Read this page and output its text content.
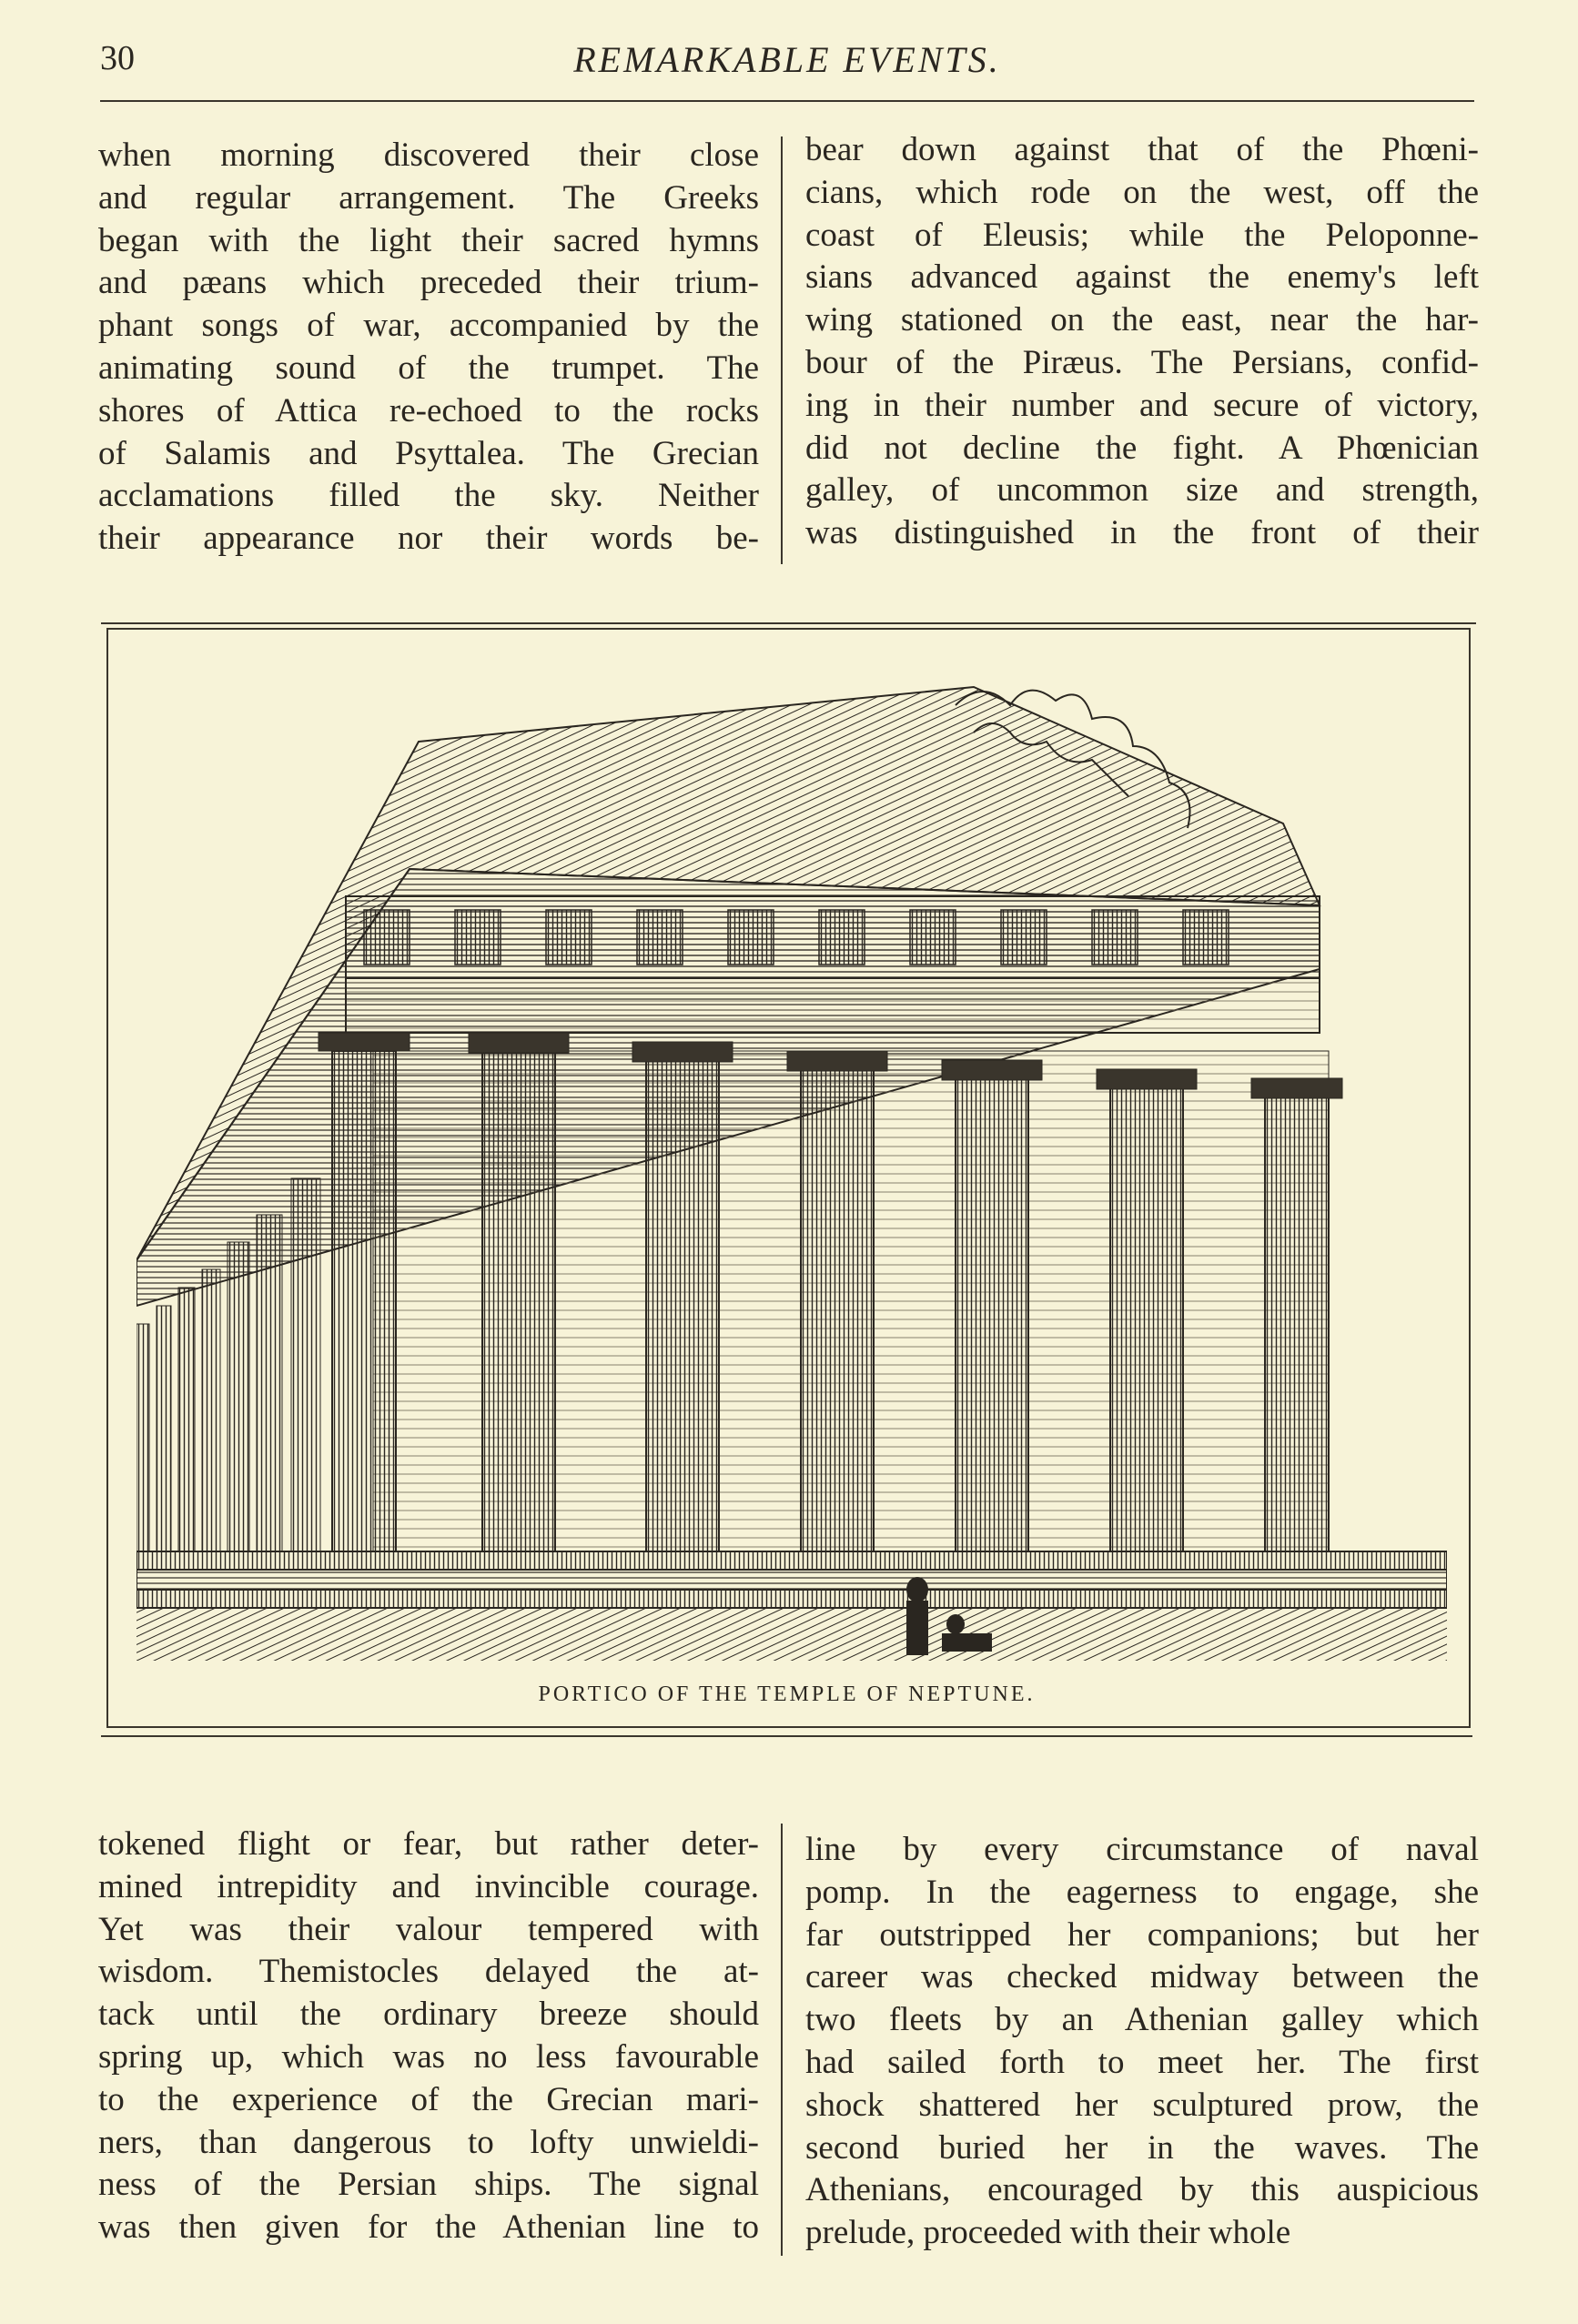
30	REMARKABLE EVENTS.
when morning discovered their close
and regular arrangement. The Greeks
began with the light their sacred hymns
and pæans which preceded their trium-
phant songs of war, accompanied by the
animating sound of the trumpet. The
shores of Attica re-echoed to the rocks
of Salamis and Psyttalea. The Grecian
acclamations filled the sky. Neither
their appearance nor their words be-
bear down against that of the Phœni-
cians, which rode on the west, off the
coast of Eleusis; while the Peloponne-
sians advanced against the enemy's left
wing stationed on the east, near the har-
bour of the Piræus. The Persians, confid-
ing in their number and secure of victory,
did not decline the fight. A Phœnician
galley, of uncommon size and strength,
was distinguished in the front of their
PORTICO OF THE TEMPLE OF NEPTUNE.
tokened flight or fear, but rather deter-
mined intrepidity and invincible courage.
Yet was their valour tempered with
wisdom. Themistocles delayed the at-
tack until the ordinary breeze should
spring up, which was no less favourable
to the experience of the Grecian mari-
ners, than dangerous to lofty unwieldi-
ness of the Persian ships. The signal
was then given for the Athenian line to
line by every circumstance of naval
pomp. In the eagerness to engage, she
far outstripped her companions; but her
career was checked midway between the
two fleets by an Athenian galley which
had sailed forth to meet her. The first
shock shattered her sculptured prow, the
second buried her in the waves. The
Athenians, encouraged by this auspicious
prelude, proceeded with their whole
